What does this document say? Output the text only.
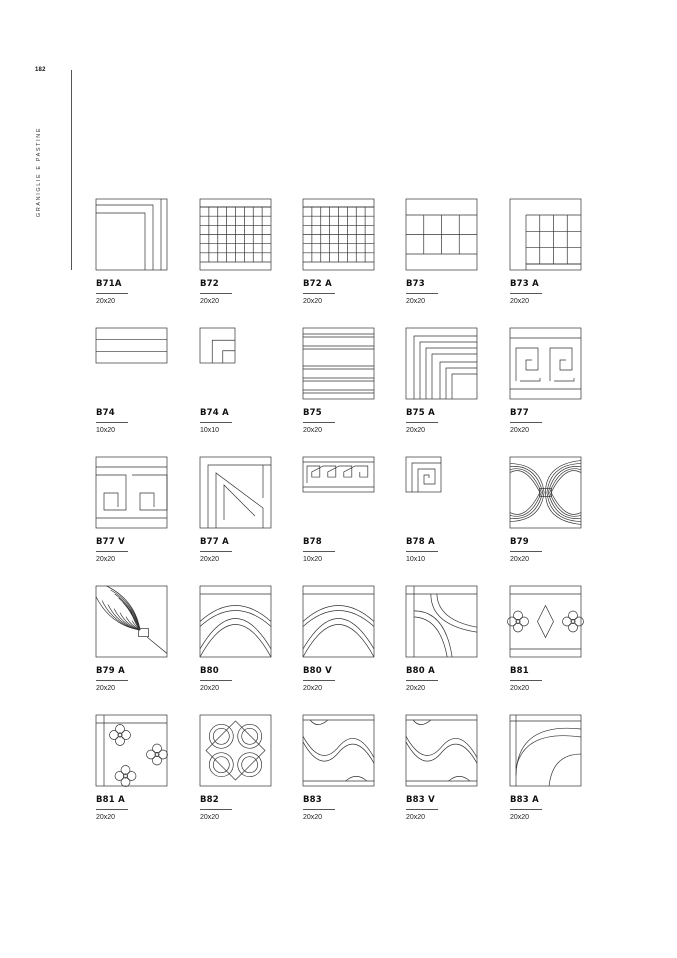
182
GRANIGLIE E PASTINE
B71A
20x20
B72
20x20
B72 A
20x20
B73
20x20
B73 A
20x20
B74
10x20
B74 A
10x10
B75
20x20
B75 A
20x20
B77
20x20
B77 V
20x20
B77 A
20x20
B78
10x20
B78 A
10x10
B79
20x20
B79 A
20x20
B80
20x20
B80 V
20x20
B80 A
20x20
B81
20x20
B81 A
20x20
B82
20x20
B83
20x20
B83 V
20x20
B83 A
20x20
